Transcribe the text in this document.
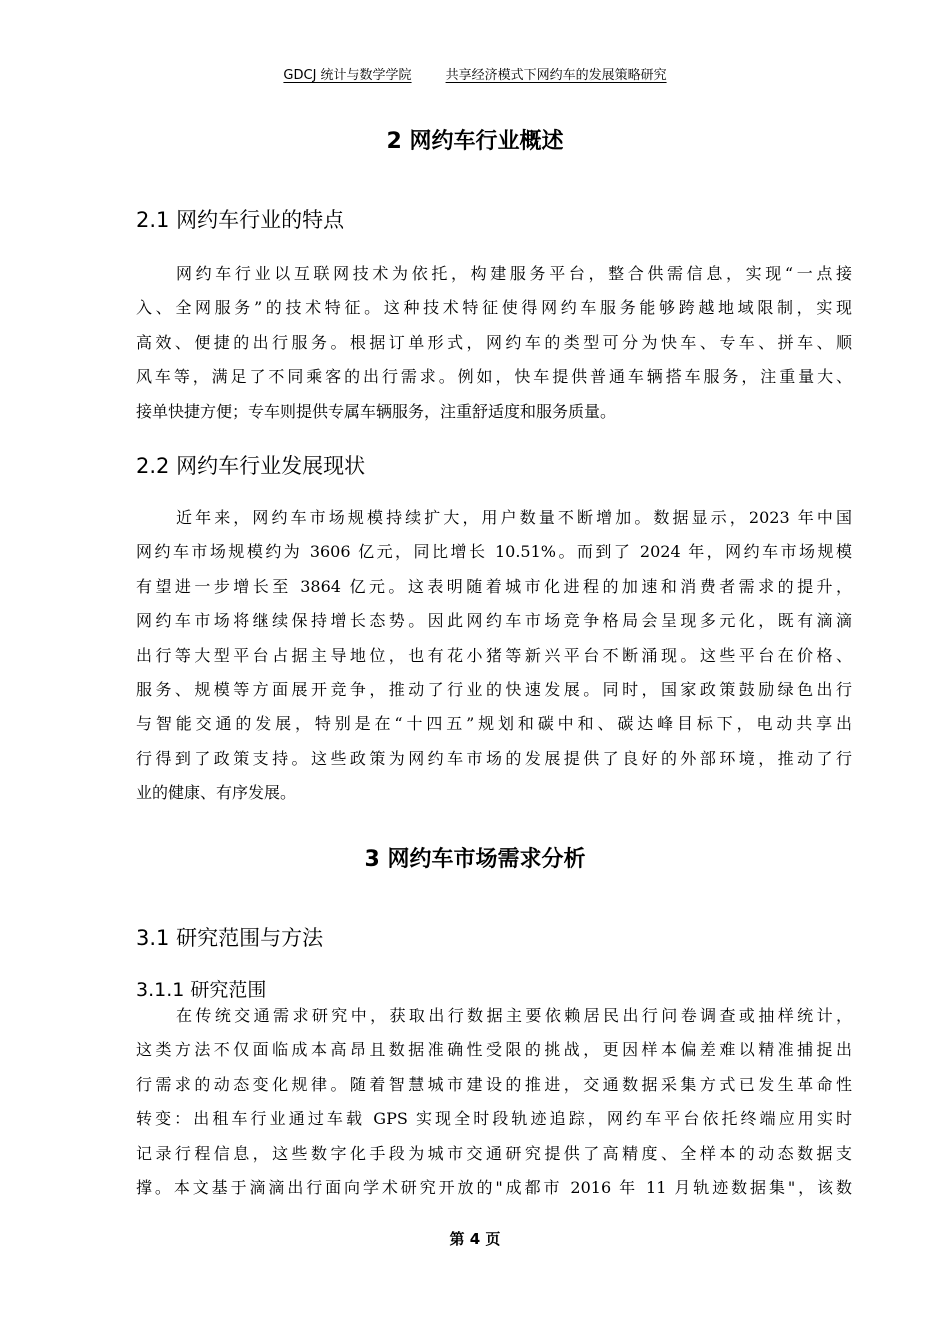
GDCJ 统计与数学学院	共享经济模式下网约车的发展策略研究
2 网约车行业概述
2.1 网约车行业的特点
网约车行业以互联网技术为依托，构建服务平台，整合供需信息，实现“一点接
入、全网服务”的技术特征。这种技术特征使得网约车服务能够跨越地域限制，实现
高效、便捷的出行服务。根据订单形式，网约车的类型可分为快车、专车、拼车、顺
风车等，满足了不同乘客的出行需求。例如，快车提供普通车辆搭车服务，注重量大、
接单快捷方便；专车则提供专属车辆服务，注重舒适度和服务质量。
2.2 网约车行业发展现状
近年来，网约车市场规模持续扩大，用户数量不断增加。数据显示，2023 年中国
网约车市场规模约为 3606 亿元，同比增长 10.51%。而到了 2024 年，网约车市场规模
有望进一步增长至 3864 亿元。这表明随着城市化进程的加速和消费者需求的提升，
网约车市场将继续保持增长态势。因此网约车市场竞争格局会呈现多元化，既有滴滴
出行等大型平台占据主导地位，也有花小猪等新兴平台不断涌现。这些平台在价格、
服务、规模等方面展开竞争，推动了行业的快速发展。同时，国家政策鼓励绿色出行
与智能交通的发展，特别是在“十四五”规划和碳中和、碳达峰目标下，电动共享出
行得到了政策支持。这些政策为网约车市场的发展提供了良好的外部环境，推动了行
业的健康、有序发展。
3 网约车市场需求分析
3.1 研究范围与方法
3.1.1 研究范围
在传统交通需求研究中，获取出行数据主要依赖居民出行问卷调查或抽样统计，
这类方法不仅面临成本高昂且数据准确性受限的挑战，更因样本偏差难以精准捕捉出
行需求的动态变化规律。随着智慧城市建设的推进，交通数据采集方式已发生革命性
转变：出租车行业通过车载 GPS 实现全时段轨迹追踪，网约车平台依托终端应用实时
记录行程信息，这些数字化手段为城市交通研究提供了高精度、全样本的动态数据支
撑。本文基于滴滴出行面向学术研究开放的"成都市 2016 年 11 月轨迹数据集"，该数
第 4 页
